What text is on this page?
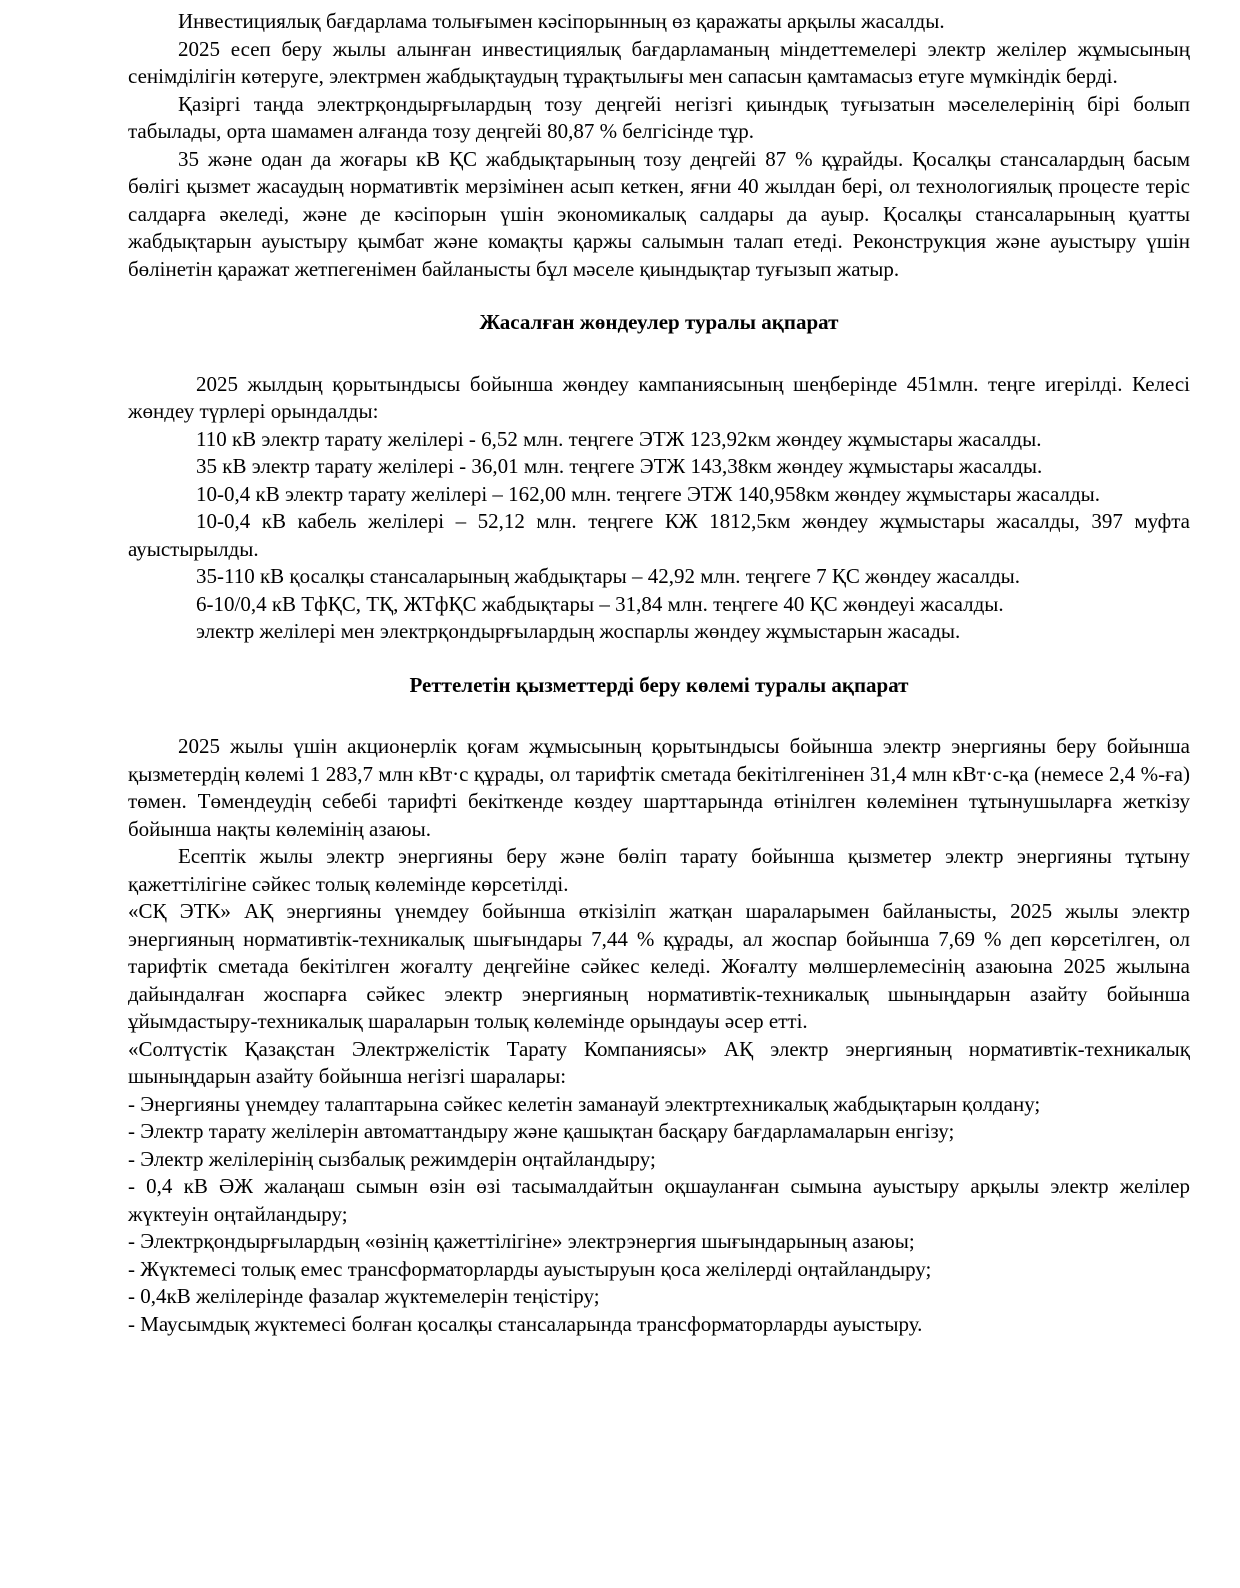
Инвестициялық бағдарлама толығымен кәсіпорынның өз қаражаты арқылы жасалды.

2025 есеп беру жылы алынған инвестициялық бағдарламаның міндеттемелері электр желілер жұмысының сенімділігін көтеруге, электрмен жабдықтаудың тұрақтылығы мен сапасын қамтамасыз етуге мүмкіндік берді.

Қазіргі таңда электрқондырғылардың тозу деңгейі негізгі қиындық туғызатын мәселелерінің бірі болып табылады, орта шамамен алғанда тозу деңгейі 80,87 % белгісінде тұр.

35 және одан да жоғары кВ ҚС жабдықтарының тозу деңгейі 87 % құрайды. Қосалқы стансалардың басым бөлігі қызмет жасаудың нормативтік мерзімінен асып кеткен, яғни 40 жылдан бері, ол технологиялық процесте теріс салдарға әкеледі, және де кәсіпорын үшін экономикалық салдары да ауыр. Қосалқы стансаларының қуатты жабдықтарын ауыстыру қымбат және комақты қаржы салымын талап етеді. Реконструкция және ауыстыру үшін бөлінетін қаражат жетпегенімен байланысты бұл мәселе қиындықтар туғызып жатыр.

Жасалған жөндеулер туралы ақпарат

2025 жылдың қорытындысы бойынша жөндеу кампаниясының шеңберінде 451млн. теңге игерілді. Келесі жөндеу түрлері орындалды:

110 кВ электр тарату желілері - 6,52 млн. теңгеге ЭТЖ 123,92км жөндеу жұмыстары жасалды.

35 кВ электр тарату желілері - 36,01 млн. теңгеге ЭТЖ 143,38км жөндеу жұмыстары жасалды.

10-0,4 кВ электр тарату желілері – 162,00 млн. теңгеге ЭТЖ 140,958км жөндеу жұмыстары жасалды.

10-0,4 кВ кабель желілері – 52,12 млн. теңгеге КЖ 1812,5км жөндеу жұмыстары жасалды, 397 муфта ауыстырылды.

35-110 кВ қосалқы стансаларының жабдықтары – 42,92 млн. теңгеге 7 ҚС жөндеу жасалды.

6-10/0,4 кВ ТфҚС, ТҚ, ЖТфҚС жабдықтары – 31,84 млн. теңгеге 40 ҚС жөндеуі жасалды.

электр желілері мен электрқондырғылардың жоспарлы жөндеу жұмыстарын жасады.

Реттелетін қызметтерді беру көлемі туралы ақпарат

2025 жылы үшін акционерлік қоғам жұмысының қорытындысы бойынша электр энергияны беру бойынша қызметердің көлемі 1 283,7 млн кВт·с құрады, ол тарифтік сметада бекітілгенінен 31,4 млн кВт·с-қа (немесе 2,4 %-ға) төмен. Төмендеудің себебі тарифті бекіткенде көздеу шарттарында өтінілген көлемінен тұтынушыларға жеткізу бойынша нақты көлемінің азаюы.

Есептік жылы электр энергияны беру және бөліп тарату бойынша қызметер электр энергияны тұтыну қажеттілігіне сәйкес толық көлемінде көрсетілді.

«СҚ ЭТК» АҚ энергияны үнемдеу бойынша өткізіліп жатқан шараларымен байланысты, 2025 жылы электр энергияның нормативтік-техникалық шығындары 7,44 % құрады, ал жоспар бойынша 7,69 % деп көрсетілген, ол тарифтік сметада бекітілген жоғалту деңгейіне сәйкес келеді. Жоғалту мөлшерлемесінің азаюына 2025 жылына дайындалған жоспарға сәйкес электр энергияның нормативтік-техникалық шыныңдарын азайту бойынша ұйымдастыру-техникалық шараларын толық көлемінде орындауы әсер етті.

«Солтүстік Қазақстан Электржелістік Тарату Компаниясы» АҚ электр энергияның нормативтік-техникалық шыныңдарын азайту бойынша негізгі шаралары:

- Энергияны үнемдеу талаптарына сәйкес келетін заманауй электртехникалық жабдықтарын қолдану;

- Электр тарату желілерін автоматтандыру және қашықтан басқару бағдарламаларын енгізу;

- Электр желілерінің сызбалық режимдерін оңтайландыру;

- 0,4 кВ ӘЖ жалаңаш сымын өзін өзі тасымалдайтын оқшауланған сымына ауыстыру арқылы электр желілер жүктеуін оңтайландыру;

- Электрқондырғылардың «өзінің қажеттілігіне» электрэнергия шығындарының азаюы;

- Жүктемесі толық емес трансформаторларды ауыстыруын қоса желілерді оңтайландыру;

- 0,4кВ желілерінде фазалар жүктемелерін теңістіру;

- Маусымдық жүктемесі болған қосалқы стансаларында трансформаторларды ауыстыру.
